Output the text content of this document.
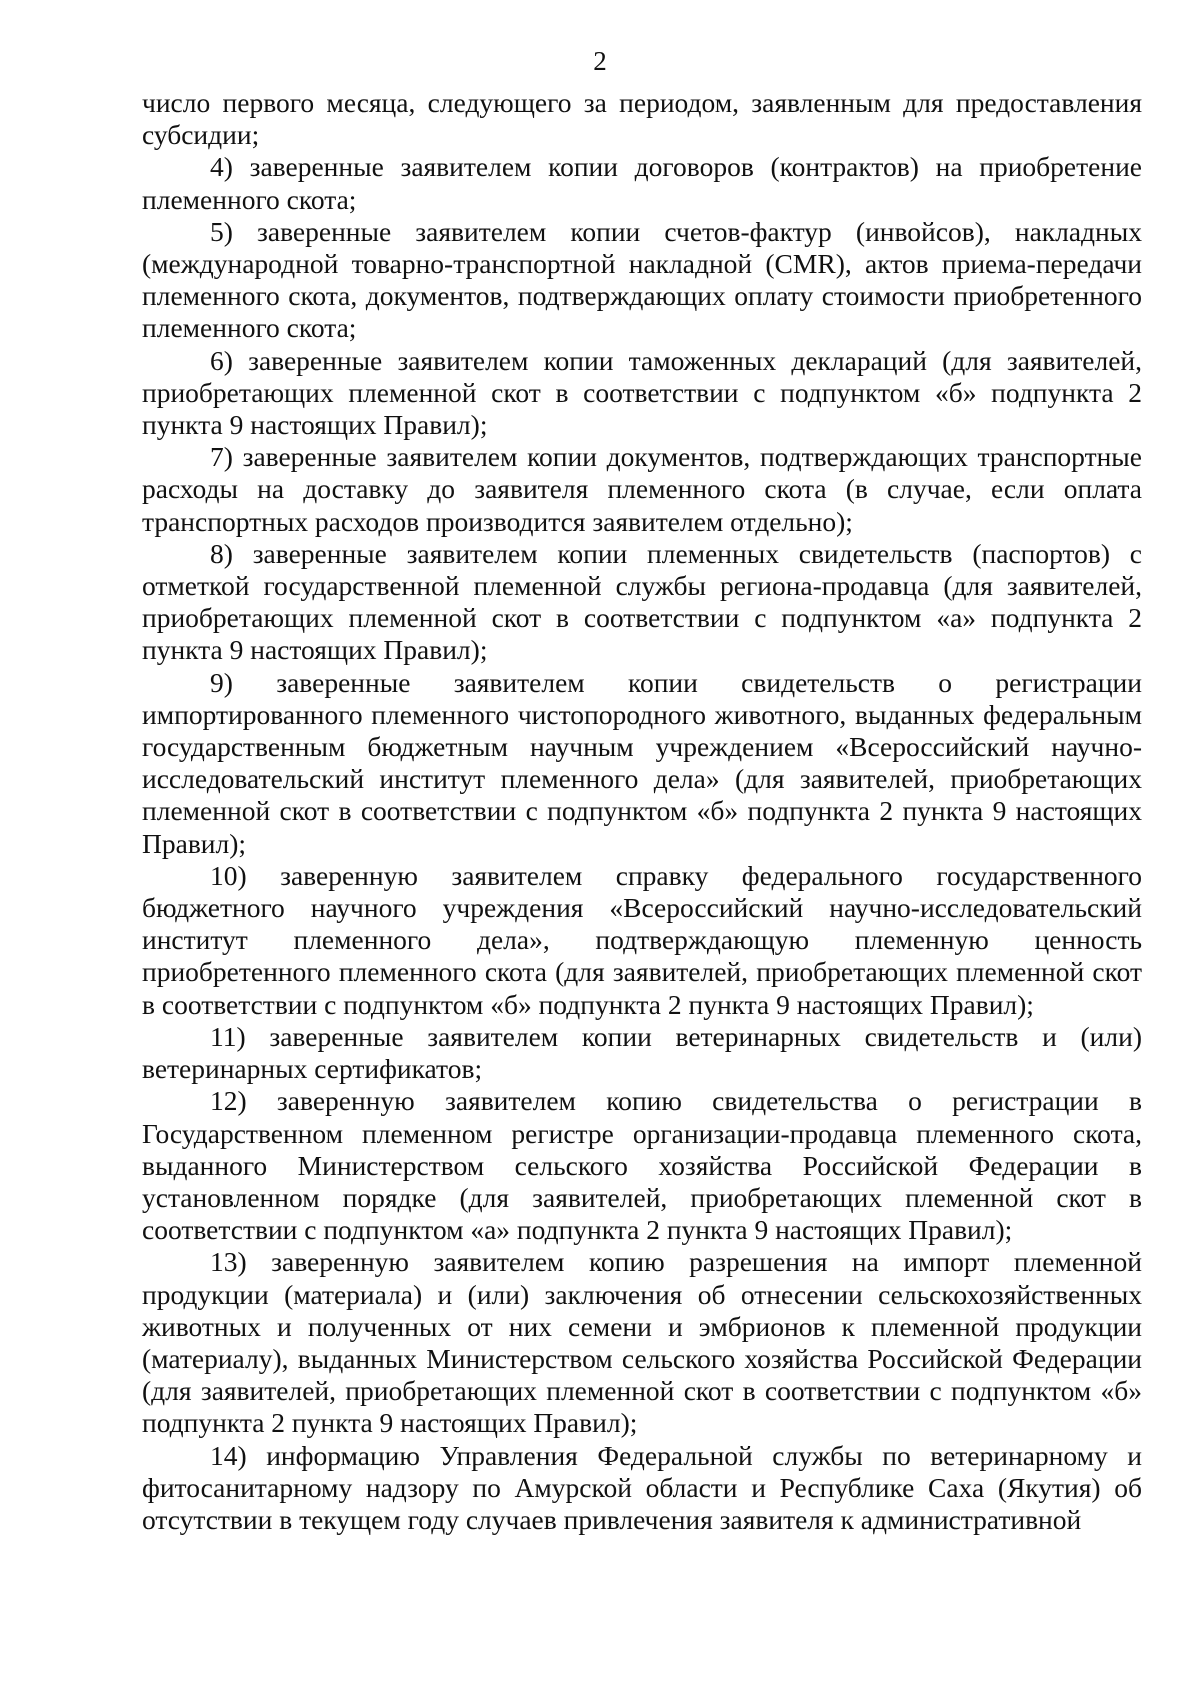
2

число первого месяца, следующего за периодом, заявленным для предоставления субсидии;

4) заверенные заявителем копии договоров (контрактов) на приобретение племенного скота;

5) заверенные заявителем копии счетов-фактур (инвойсов), накладных (международной товарно-транспортной накладной (CMR), актов приема-передачи племенного скота, документов, подтверждающих оплату стоимости приобретенного племенного скота;

6) заверенные заявителем копии таможенных деклараций (для заявителей, приобретающих племенной скот в соответствии с подпунктом «б» подпункта 2 пункта 9 настоящих Правил);

7) заверенные заявителем копии документов, подтверждающих транспортные расходы на доставку до заявителя племенного скота (в случае, если оплата транспортных расходов производится заявителем отдельно);

8) заверенные заявителем копии племенных свидетельств (паспортов) с отметкой государственной племенной службы региона-продавца (для заявителей, приобретающих племенной скот в соответствии с подпунктом «а» подпункта 2 пункта 9 настоящих Правил);

9) заверенные заявителем копии свидетельств о регистрации импортированного племенного чистопородного животного, выданных федеральным государственным бюджетным научным учреждением «Всероссийский научно-исследовательский институт племенного дела» (для заявителей, приобретающих племенной скот в соответствии с подпунктом «б» подпункта 2 пункта 9 настоящих Правил);

10) заверенную заявителем справку федерального государственного бюджетного научного учреждения «Всероссийский научно-исследовательский институт племенного дела», подтверждающую племенную ценность приобретенного племенного скота (для заявителей, приобретающих племенной скот в соответствии с подпунктом «б» подпункта 2 пункта 9 настоящих Правил);

11) заверенные заявителем копии ветеринарных свидетельств и (или) ветеринарных сертификатов;

12) заверенную заявителем копию свидетельства о регистрации в Государственном племенном регистре организации-продавца племенного скота, выданного Министерством сельского хозяйства Российской Федерации в установленном порядке (для заявителей, приобретающих племенной скот в соответствии с подпунктом «а» подпункта 2 пункта 9 настоящих Правил);

13) заверенную заявителем копию разрешения на импорт племенной продукции (материала) и (или) заключения об отнесении сельскохозяйственных животных и полученных от них семени и эмбрионов к племенной продукции (материалу), выданных Министерством сельского хозяйства Российской Федерации (для заявителей, приобретающих племенной скот в соответствии с подпунктом «б» подпункта 2 пункта 9 настоящих Правил);

14) информацию Управления Федеральной службы по ветеринарному и фитосанитарному надзору по Амурской области и Республике Саха (Якутия) об отсутствии в текущем году случаев привлечения заявителя к административной
